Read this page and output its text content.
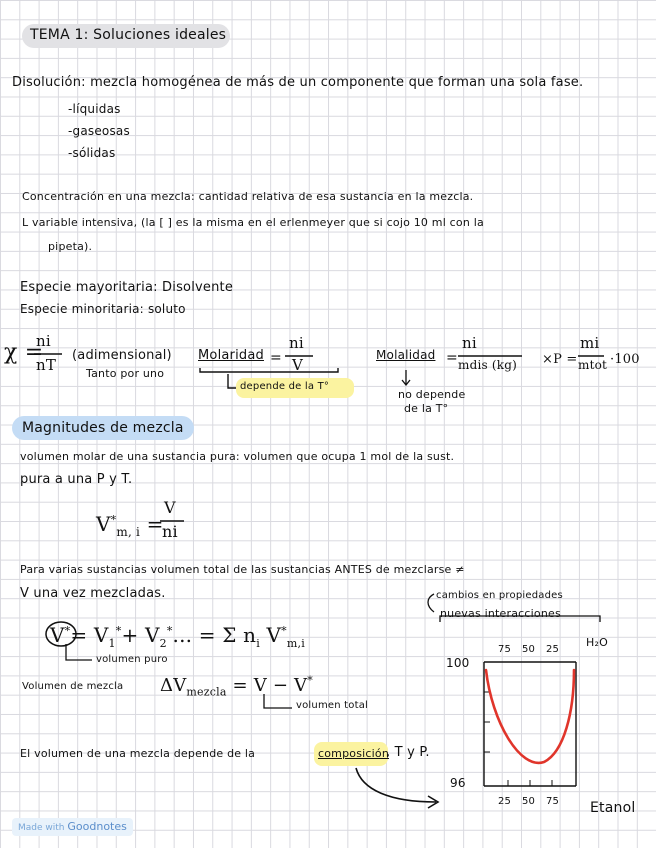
TEMA 1: Soluciones ideales
Disolución: mezcla homogénea de más de un componente que forman una sola fase.
-líquidas
-gaseosas
-sólidas
Concentración en una mezcla: cantidad relativa de esa sustancia en la mezcla.
L variable intensiva, (la [ ] es la misma en el erlenmeyer que si cojo 10 ml con la
pipeta).
Especie mayoritaria: Disolvente
Especie minoritaria: soluto
χ =
ni
nT
(adimensional)
Tanto por uno
Molaridad =
ni
V
depende de la T°
Molalidad =
ni
mdis (kg)
no depende
de la T°
×P =
mi
mtot ·100
Magnitudes de mezcla
volumen molar de una sustancia pura: volumen que ocupa 1 mol de la sust.
pura a una P y T.
$V^*_{m, i}$ =
V
ni
Para varias sustancias volumen total de las sustancias ANTES de mezclarse ≠
V una vez mezcladas.	cambios en propiedades
nuevas interacciones
$V^*= V_1^*+ V_2^*$... = Σ $n_i$ $V^*_{m,i}$
volumen puro
Volumen de mezcla $\Delta V_{mezcla} = V - V^*$
volumen total
El volumen de una mezcla depende de la	composición
, T y P.
100
96
75 50 25
H₂O
25 50 75 Etanol
Made with Goodnotes
